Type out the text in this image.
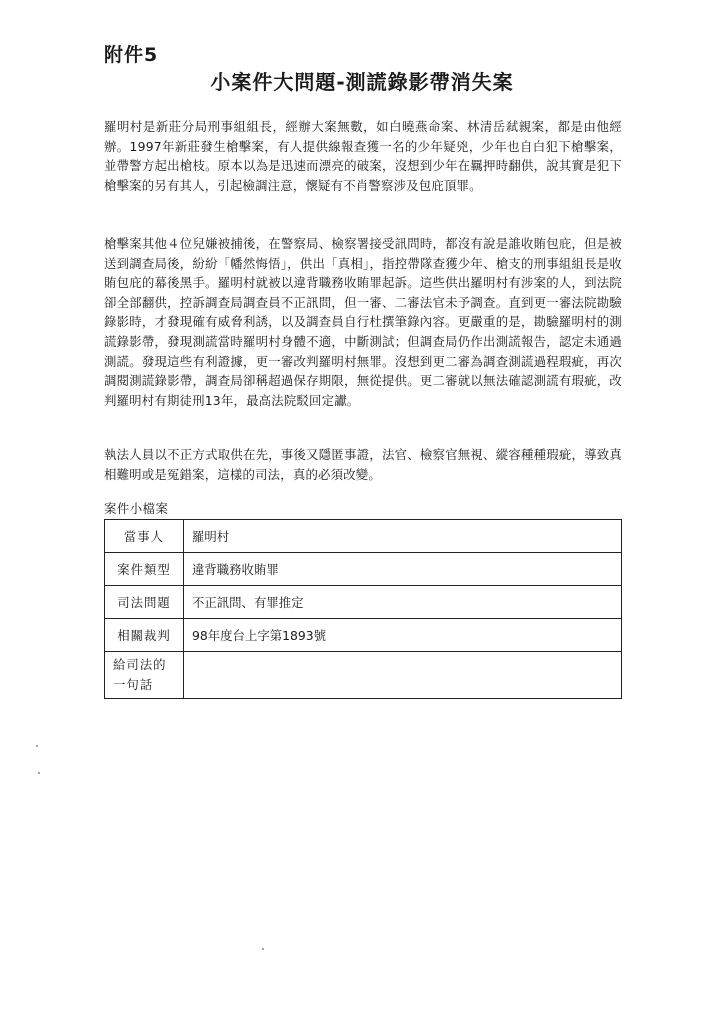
附件5
小案件大問題-測謊錄影帶消失案

羅明村是新莊分局刑事組組長，經辦大案無數，如白曉燕命案、林清岳弒親案，都是由他經辦。1997年新莊發生槍擊案，有人提供線報查獲一名的少年疑兇，少年也自白犯下槍擊案，並帶警方起出槍枝。原本以為是迅速而漂亮的破案，沒想到少年在羈押時翻供，說其實是犯下槍擊案的另有其人，引起檢調注意，懷疑有不肖警察涉及包庇頂罪。

槍擊案其他４位兒嫌被捕後，在警察局、檢察署接受訊問時，都沒有說是誰收賄包庇，但是被送到調查局後，紛紛「幡然悔悟」，供出「真相」，指控帶隊查獲少年、槍支的刑事組組長是收賄包庇的幕後黑手。羅明村就被以違背職務收賄罪起訴。這些供出羅明村有涉案的人，到法院卻全部翻供，控訴調查局調查員不正訊問，但一審、二審法官未予調查。直到更一審法院勘驗錄影時，才發現確有威脅利誘，以及調查員自行杜撰筆錄內容。更嚴重的是，勘驗羅明村的測謊錄影帶，發現測謊當時羅明村身體不適，中斷測試；但調查局仍作出測謊報告，認定未通過測謊。發現這些有利證據，更一審改判羅明村無罪。沒想到更二審為調查測謊過程瑕疵，再次調閱測謊錄影帶，調查局卻稱超過保存期限，無從提供。更二審就以無法確認測謊有瑕疵，改判羅明村有期徒刑13年，最高法院駁回定讞。

執法人員以不正方式取供在先，事後又隱匿事證，法官、檢察官無視、縱容種種瑕疵，導致真相難明或是冤錯案，這樣的司法，真的必須改變。

案件小檔案
當事人	羅明村
案件類型	違背職務收賄罪
司法問題	不正訊問、有罪推定
相關裁判	98年度台上字第1893號
給司法的一句話	
